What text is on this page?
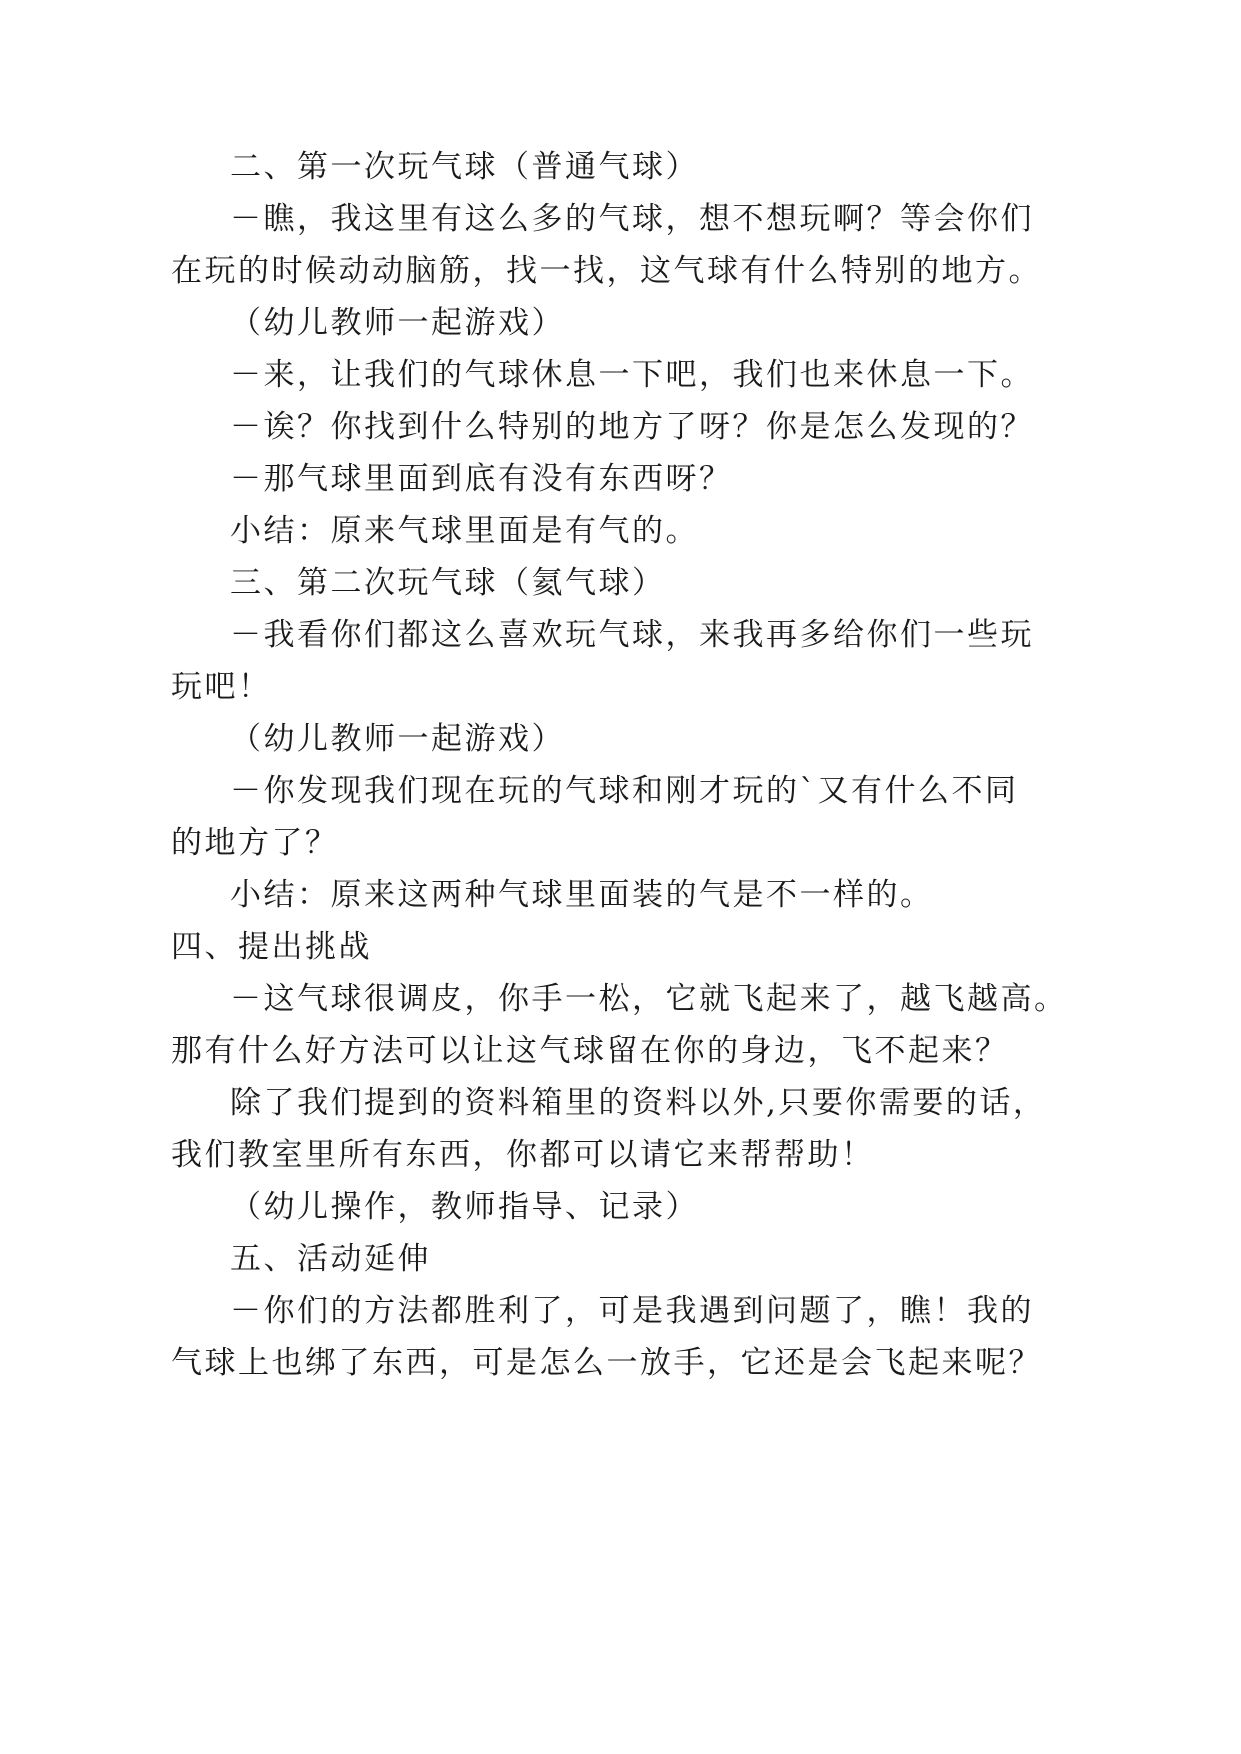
二、第一次玩气球（普通气球）
－瞧，我这里有这么多的气球，想不想玩啊？等会你们
在玩的时候动动脑筋，找一找，这气球有什么特别的地方。
（幼儿教师一起游戏）
－来，让我们的气球休息一下吧，我们也来休息一下。
－诶？你找到什么特别的地方了呀？你是怎么发现的？
－那气球里面到底有没有东西呀？
小结：原来气球里面是有气的。
三、第二次玩气球（氦气球）
－我看你们都这么喜欢玩气球，来我再多给你们一些玩
玩吧！
（幼儿教师一起游戏）
－你发现我们现在玩的气球和刚才玩的`又有什么不同
的地方了？
小结：原来这两种气球里面装的气是不一样的。
四、提出挑战
－这气球很调皮，你手一松，它就飞起来了，越飞越高。
那有什么好方法可以让这气球留在你的身边，飞不起来？
除了我们提到的资料箱里的资料以外,只要你需要的话，
我们教室里所有东西，你都可以请它来帮帮助！
（幼儿操作，教师指导、记录）
五、活动延伸
－你们的方法都胜利了，可是我遇到问题了，瞧！我的
气球上也绑了东西，可是怎么一放手，它还是会飞起来呢？
